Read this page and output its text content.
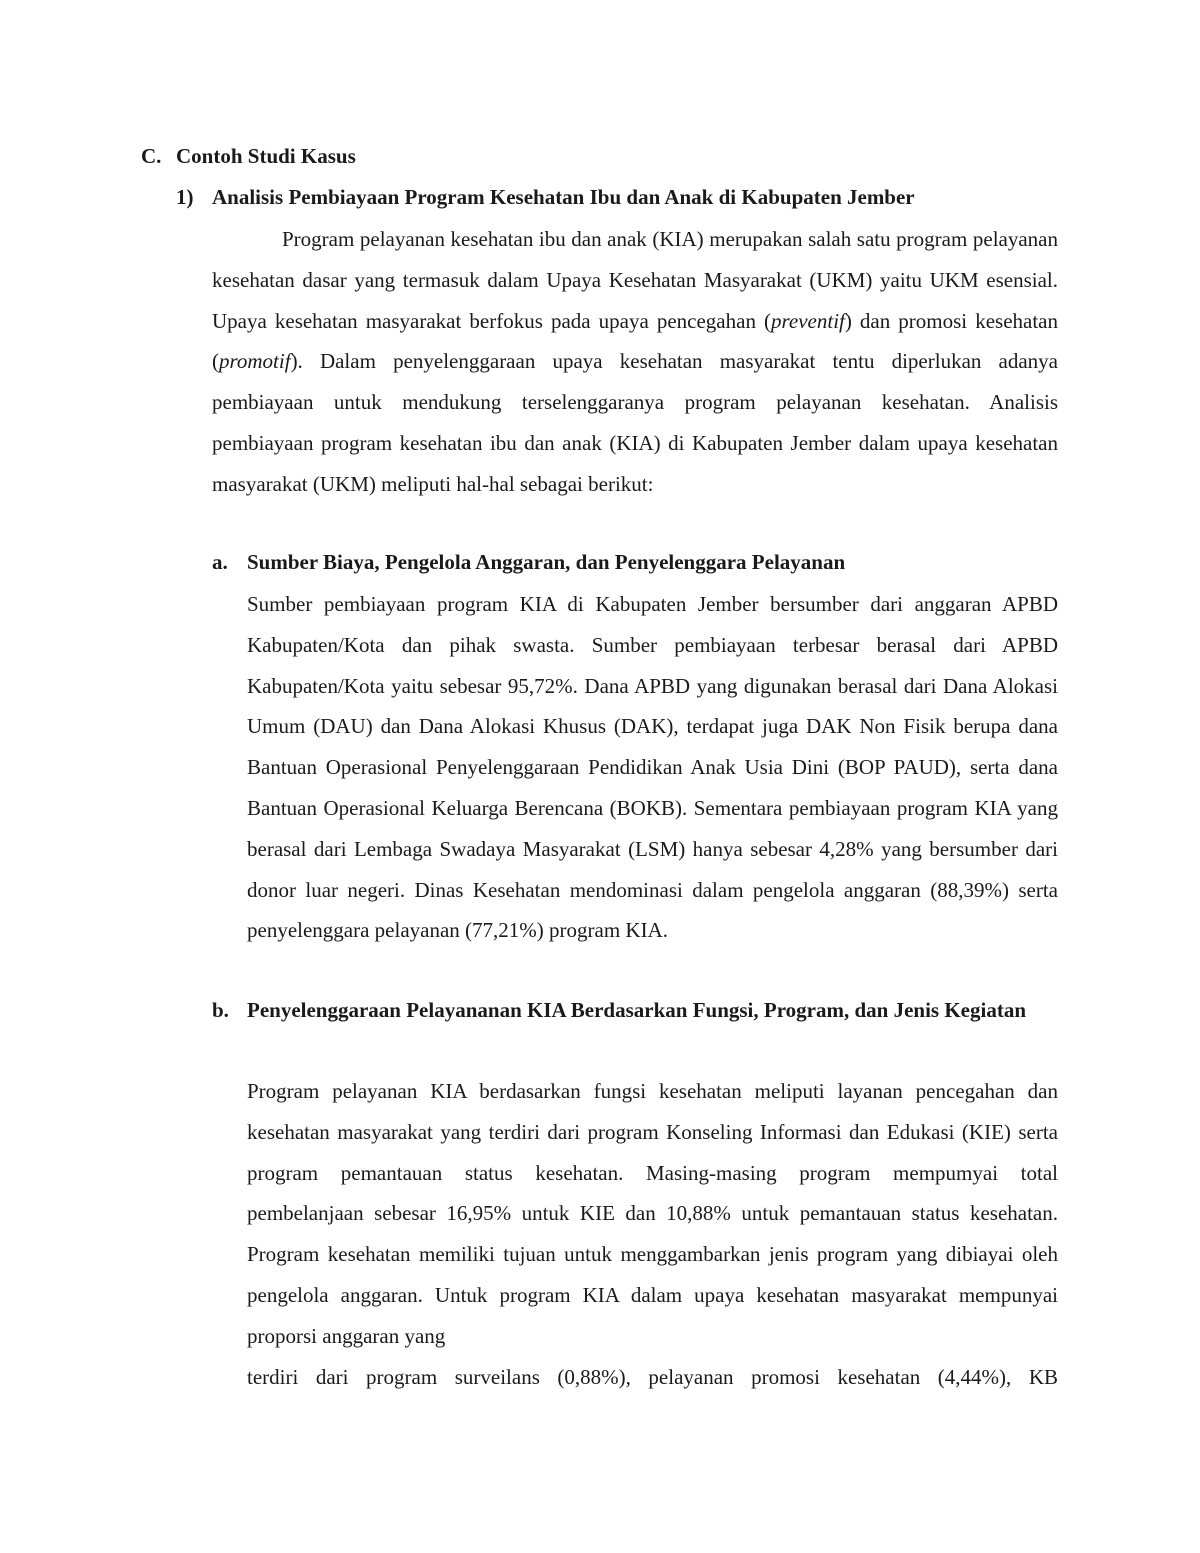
C. Contoh Studi Kasus
1) Analisis Pembiayaan Program Kesehatan Ibu dan Anak di Kabupaten Jember

Program pelayanan kesehatan ibu dan anak (KIA) merupakan salah satu program pelayanan kesehatan dasar yang termasuk dalam Upaya Kesehatan Masyarakat (UKM) yaitu UKM esensial. Upaya kesehatan masyarakat berfokus pada upaya pencegahan (preventif) dan promosi kesehatan (promotif). Dalam penyelenggaraan upaya kesehatan masyarakat tentu diperlukan adanya pembiayaan untuk mendukung terselenggaranya program pelayanan kesehatan. Analisis pembiayaan program kesehatan ibu dan anak (KIA) di Kabupaten Jember dalam upaya kesehatan masyarakat (UKM) meliputi hal-hal sebagai berikut:

a. Sumber Biaya, Pengelola Anggaran, dan Penyelenggara Pelayanan

Sumber pembiayaan program KIA di Kabupaten Jember bersumber dari anggaran APBD Kabupaten/Kota dan pihak swasta. Sumber pembiayaan terbesar berasal dari APBD Kabupaten/Kota yaitu sebesar 95,72%. Dana APBD yang digunakan berasal dari Dana Alokasi Umum (DAU) dan Dana Alokasi Khusus (DAK), terdapat juga DAK Non Fisik berupa dana Bantuan Operasional Penyelenggaraan Pendidikan Anak Usia Dini (BOP PAUD), serta dana Bantuan Operasional Keluarga Berencana (BOKB). Sementara pembiayaan program KIA yang berasal dari Lembaga Swadaya Masyarakat (LSM) hanya sebesar 4,28% yang bersumber dari donor luar negeri. Dinas Kesehatan mendominasi dalam pengelola anggaran (88,39%) serta penyelenggara pelayanan (77,21%) program KIA.

b. Penyelenggaraan Pelayananan KIA Berdasarkan Fungsi, Program, dan Jenis Kegiatan

Program pelayanan KIA berdasarkan fungsi kesehatan meliputi layanan pencegahan dan kesehatan masyarakat yang terdiri dari program Konseling Informasi dan Edukasi (KIE) serta program pemantauan status kesehatan. Masing-masing program mempumyai total pembelanjaan sebesar 16,95% untuk KIE dan 10,88% untuk pemantauan status kesehatan. Program kesehatan memiliki tujuan untuk menggambarkan jenis program yang dibiayai oleh pengelola anggaran. Untuk program KIA dalam upaya kesehatan masyarakat mempunyai proporsi anggaran yang
terdiri dari program surveilans (0,88%), pelayanan promosi kesehatan (4,44%), KB
